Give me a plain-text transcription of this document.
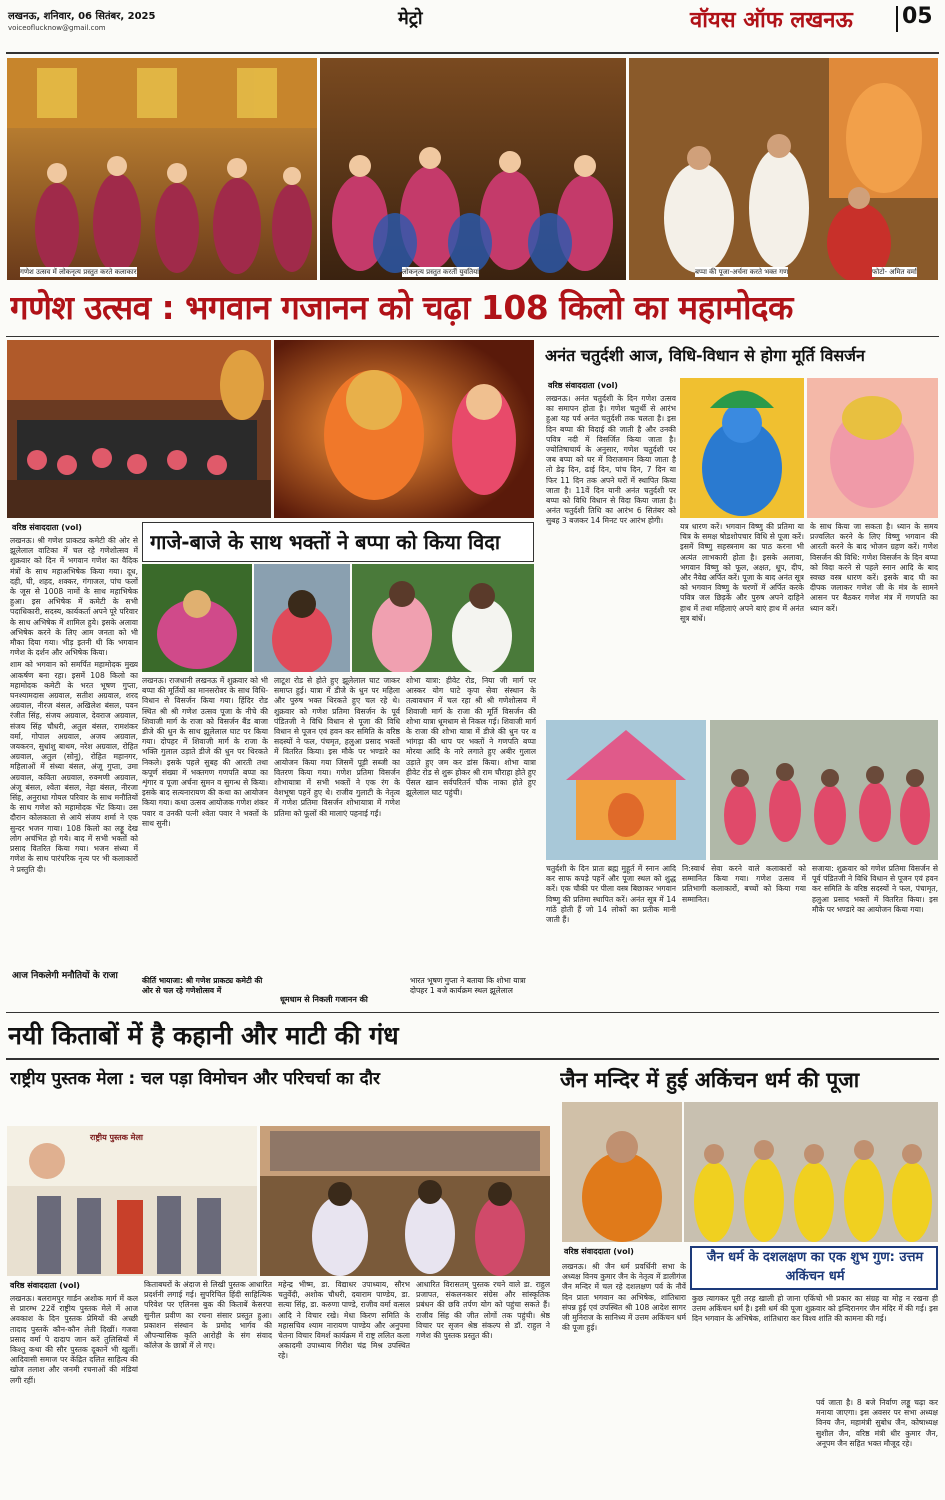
लखनऊ, शनिवार, 06 सितंबर, 2025
voiceoflucknow@gmail.com	मेट्रो	वॉयस ऑफ लखनऊ 05
गणेश उत्सव में लोकनृत्य प्रस्तुत करते कलाकार	लोकनृत्य प्रस्तुत करतीं युवतियां	बप्पा की पूजा-अर्चना करते भक्त गण	फोटो- अमित वर्मा
गणेश उत्सव : भगवान गजानन को चढ़ा 108 किलो का महामोदक
वरिष्ठ संवाददाता (vol)

लखनऊ। श्री गणेश प्राकट्य कमेटी की ओर से झूलेलाल वाटिका में चल रहे गणेशोत्सव में शुक्रवार को दिन में भगवान गणेश का वैदिक मंत्रों के साथ महाअभिषेक किया गया। दूध, दही, घी, शहद, शक्कर, गंगाजल, पांच फलों के जूस से 1008 नामों के साथ महाभिषेक हुआ। इस अभिषेक में कमेटी के सभी पदाधिकारी, सदस्य, कार्यकर्ता अपने पूरे परिवार के साथ अभिषेक में शामिल हुये। इसके अलावा अभिषेक करने के लिए आम जनता को भी मौका दिया गया। भीड़ इतनी थी कि भगवान गणेश के दर्शन और अभिषेक किया।

शाम को भगवान को समर्पित महामोदक मुख्य आकर्षण बना रहा। इसमें 108 किलो का महामोदक कमेटी के भरत भूषण गुप्ता, घनश्यामदास अग्रवाल, सतीश अग्रवाल, शरद अग्रवाल, नीरज बंसल, अखिलेश बंसल, पवन रंजीत सिंह, संजय अग्रवाल, देवराज अग्रवाल, संजय सिंह चौधरी, अतुल बंसल, रामशंकर वर्मा, गोपाल अग्रवाल, अजय अग्रवाल, जयकरन, सुधांशु बाथम, नरेश अग्रवाल, रोहित अग्रवाल, अतुल (सोनू), रोहित महानगर, महिलाओं में संध्या बंसल, अंजू गुप्ता, उमा अग्रवाल, कविता अग्रवाल, रुक्मणी अग्रवाल, अंजू बंसल, श्वेता बंसल, नेहा बंसल, नीरजा सिंह, अनुराधा गोयल परिवार के साथ मनौतियों के साथ गणेश को महामोदक भेंट किया। उस दौरान कोलकाता से आये संजय शर्मा ने एक सुन्दर भजन गाया। 108 किलो का लड्डू देख लोग अचंभित हो गये। बाद में सभी भक्तों को प्रसाद वितरित किया गया। भजन संध्या में गणेश के साथ पारंपरिक नृत्य पर भी कलाकारों ने प्रस्तुति दी।

आज निकलेगी मनौतियों के राजा
गाजे-बाजे के साथ भक्तों ने बप्पा को किया विदा
लखनऊ। राजधानी लखनऊ में शुक्रवार को भी बप्पा की मूर्तियों का मानसरोवर के साथ विधि-विधान से विसर्जन किया गया। हिंदिर रोड स्थित श्री श्री गणेश उत्सव पूजा के नीचे की शिवाजी मार्ग के राजा को विसर्जन बैंड बाजा डीजे की धुन के साथ झूलेलाल घाट पर किया गया। दोपहर में शिवाजी मार्ग के राजा के भक्ति गुलाल उड़ाते डीजे की धुन पर थिरकते निकले। इसके पहले सुबह की आरती तथा कपूर्ण संख्या में भक्तगण गणपति बप्पा का शृंगार व पूजा अर्चना सुमन व सुगन्ध से किया। इसके बाद सत्यनारायण की कथा का आयोजन किया गया। कथा उत्सव आयोजक गणेश शंकर पवार व उनकी पत्नी श्वेता पवार ने भक्तों के साथ सुनी।
लाटूश रोड से होते हुए झूलेलाल घाट जाकर समाप्त हुई। यात्रा में डीजे के धुन पर महिला और पुरुष भक्त थिरकते हुए चल रहे थे। शुक्रवार को गणेश प्रतिमा विसर्जन के पूर्व पंडितजी ने विधि विधान से पूजा की विधि विधान से पूजन एवं हवन कर समिति के वरिष्ठ सदस्यों ने फल, पंचमृत, हलुआ प्रसाद भक्तों में वितरित किया। इस मौके पर भण्डारे का आयोजन किया गया जिसमें पूड़ी सब्जी का वितरण किया गया। गणेश प्रतिमा विसर्जन शोभायात्रा में सभी भक्तों ने एक रंग के वेशभूषा पहनें हुए थे। राजीव गुलाटी के नेतृत्व में गणेश प्रतिमा विसर्जन शोभायात्रा में गणेश प्रतिमा को फूलों की मालाएं पहनाई गईं।
शोभा यात्रा: हीवेट रोड, निया जी मार्ग पर आस्कर योग घाटे कृपा सेवा संस्थान के तत्वावधान में चल रहा श्री श्री गणेशोत्सव में शिवाजी मार्ग के राजा की मूर्ति विसर्जन की शोभा यात्रा धूमधाम से निकल गई। शिवाजी मार्ग के राजा की शोभा यात्रा में डीजे की धुन पर व भांगड़ा की थाप पर भक्तों ने गणपति बप्पा मोरया आदि के नारे लगाते हुए अबीर गुलाल उड़ाते हुए जम कर डांस किया। शोभा यात्रा हीवेट रोड से शुरू होकर श्री राम चौराहा होते हुए पेंसल खान सर्वपरितर्न चौक नाका होते हुए झूलेलाल घाट पहुंची।
कीर्ति भायाजा: श्री गणेश प्राकट्य कमेटी की ओर से चल रहे गणेशोत्सव में
धूमधाम से निकली गजानन की
भारत भूषण गुप्ता ने बताया कि शोभा यात्रा दोपहर 1 बजे कार्यक्रम स्थल झूलेलाल
अनंत चतुर्दशी आज, विधि-विधान से होगा मूर्ति विसर्जन
वरिष्ठ संवाददाता (vol)
लखनऊ। अनंत चतुर्दशी के दिन गणेश उत्सव का समापन होता है। गणेश चतुर्थी से आरंभ हुआ यह पर्व अनंत चतुर्दशी तक चलता है। इस दिन बप्पा की विदाई की जाती है और उनकी पवित्र नदी में विसर्जित किया जाता है। ज्योतिषाचार्य के अनुसार, गणेश चतुर्दशी पर जब बप्पा को घर में विराजमान किया जाता है तो डेढ़ दिन, ढाई दिन, पांच दिन, 7 दिन या फिर 11 दिन तक अपने घरों में स्थापित किया जाता है। 11वें दिन यानी अनंत चतुर्दशी पर बप्पा को विधि विधान से विदा किया जाता है। अनंत चतुर्दशी तिथि का आरंभ 6 सितंबर को सुबह 3 बजकर 14 मिनट पर आरंभ होगी।
यत्र धारण करें। भगवान विष्णु की प्रतिमा या चित्र के समक्ष षोडशोपचार विधि से पूजा करें। इसमें विष्णु सहस्त्रनाम का पाठ करना भी अत्यंत लाभकारी होता है। इसके अलावा, भगवान विष्णु को फूल, अक्षत, धूप, दीप, और नैवेद्य अर्पित करें। पूजा के बाद अनंत सूत्र को भगवान विष्णु के चरणों में अर्पित करके पवित्र जल छिड़कें और पुरुष अपने दाहिने हाथ में तथा महिलाएं अपने बाएं हाथ में अनंत सूत्र बांधें।
के साथ किया जा सकता है। ध्यान के समय प्रज्वलित करने के लिए विष्णु भगवान की आरती करने के बाद भोजन ग्रहण करें। गणेश विसर्जन की विधि: गणेश विसर्जन के दिन बप्पा को विदा करने से पहले स्नान आदि के बाद स्वच्छ वस्त्र धारण करें। इसके बाद घी का दीपक जलाकर गणेश जी के मंत्र के सामने आसन पर बैठकर गणेश मंत्र में गणपति का ध्यान करें।
चतुर्दशी के दिन प्रातः ब्रह्म मुहूर्त में स्नान आदि कर साफ कपड़े पहनें और पूजा स्थल को शुद्ध करें। एक चौकी पर पीला वस्त्र बिछाकर भगवान विष्णु की प्रतिमा स्थापित करें। अनंत सूत्र में 14 गांठें होती हैं जो 14 लोकों का प्रतीक मानी जाती हैं।
नि:स्वार्थ सेवा करने वाले कलाकारों को सम्मानित किया गया। गणेश उत्सव में प्रतिभागी कलाकारों, बच्चों को किया गया सम्मानित।
सजाया: शुक्रवार को गणेश प्रतिमा विसर्जन से पूर्व पंडितजी ने विधि विधान से पूजन एवं हवन कर समिति के वरिष्ठ सदस्यों ने फल, पंचामृत, हलुआ प्रसाद भक्तों में वितरित किया। इस मौके पर भण्डारे का आयोजन किया गया।
नयी किताबों में है कहानी और माटी की गंध
राष्ट्रीय पुस्तक मेला : चल पड़ा विमोचन और परिचर्चा का दौर
राष्ट्रीय पुस्तक मेला
वरिष्ठ संवाददाता (vol)
लखनऊ। बलरामपुर गार्डन अशोक मार्ग में कल से प्रारम्भ 22वें राष्ट्रीय पुस्तक मेले में आज अवकाश के दिन पुस्तक प्रेमियों की अच्छी तादाद पुस्तकें कौन-कौन लेती दिखीं। गजवा प्रसाद वर्मा पे दादाप जान करें तुलिसियों में किश्तु कथा की सौर पुस्तक दूकानें भी खुलीं। आदिवासी समाज पर केंद्रित दलित साहित्य की खोज तलाश और जनमी रचनाओं की मंडियां लगी रहीं।
किताबघरों के अंदाज से लिखी पुस्तक आधारित प्रदर्शनी लगाई गई। सुपरिचित हिंदी साहित्यिक परिवेश पर एलिनस बुक की किताबें केसरपा सुनील प्रवीण का रचना संसार प्रस्तुत हुआ। प्रकाशन संस्थान के प्रमोद भार्गव की औपन्यासिक कृति आरोही के संग संवाद कॉलेज के छात्रों में ले गए।
महेन्द्र भीष्म, डा. विद्याधर उपाध्याय, सौरभ चतुर्वेदी, अशोक चौधरी, दयाराम पाण्डेय, डा. सत्या सिंह, डा. करुणा पाण्डे, राजीव वर्मा वत्सल आदि ने विचार रखे। मेधा किरण समिति के महासचिव श्याम नारायण पाण्डेय और अनुपमा चेतना विचार विमर्श कार्यक्रम में राष्ट्र ललित कला अकादमी उपाध्याय गिरीश चंद्र मिश्र उपस्थित रहे।
आधारित विरासतम् पुस्तक रचने वाले डा. राहुल प्रजापत, संकलनकार संग्रेस और सांस्कृतिक प्रबंधन की छवि तर्पण योग को पहुंचा सकते हैं। राजीव सिंह की जीत लोगों तक पहुंची। श्रेष्ठ विचार पर सृजन श्रेष्ठ संकल्प से डॉ. राहुल ने गणेश की पुस्तक प्रस्तुत की।
जैन मन्दिर में हुई अकिंचन धर्म की पूजा
वरिष्ठ संवाददाता (vol)	जैन धर्म के दशलक्षण का एक शुभ गुण: उत्तम अकिंचन धर्म
लखनऊ। श्री जैन धर्म प्रवर्धिनी सभा के अध्यक्ष विनय कुमार जैन के नेतृत्व में डालीगंज जैन मन्दिर में चल रहे दशलक्षण पर्व के नौवें दिन प्रातः भगवान का अभिषेक, शांतिधारा संपन्न हुई एवं उपस्थित श्री 108 आदेश सागर जी मुनिराज के सानिध्य में उत्तम अकिंचन धर्म की पूजा हुई।
कुछ त्यागकर पूरी तरह खाली हो जाना एकिंचो भी प्रकार का संग्रह या मोह न रखना ही उत्तम अकिंचन धर्म है। इसी धर्म की पूजा शुक्रवार को इन्दिरानगर जैन मंदिर में की गई। इस दिन भगवान के अभिषेक, शांतिधारा कर विश्व शांति की कामना की गई।
पर्व जाता है। 8 बजे निर्वाण लड्डू चढ़ा कर मनाया जाएगा। इस अवसर पर सभा अध्यक्ष विनय जैन, महामंत्री सुबोध जैन, कोषाध्यक्ष सुशील जैन, वरिष्ठ मंत्री धीर कुमार जैन, अनूपम जैन सहित भक्त मौजूद रहे।
